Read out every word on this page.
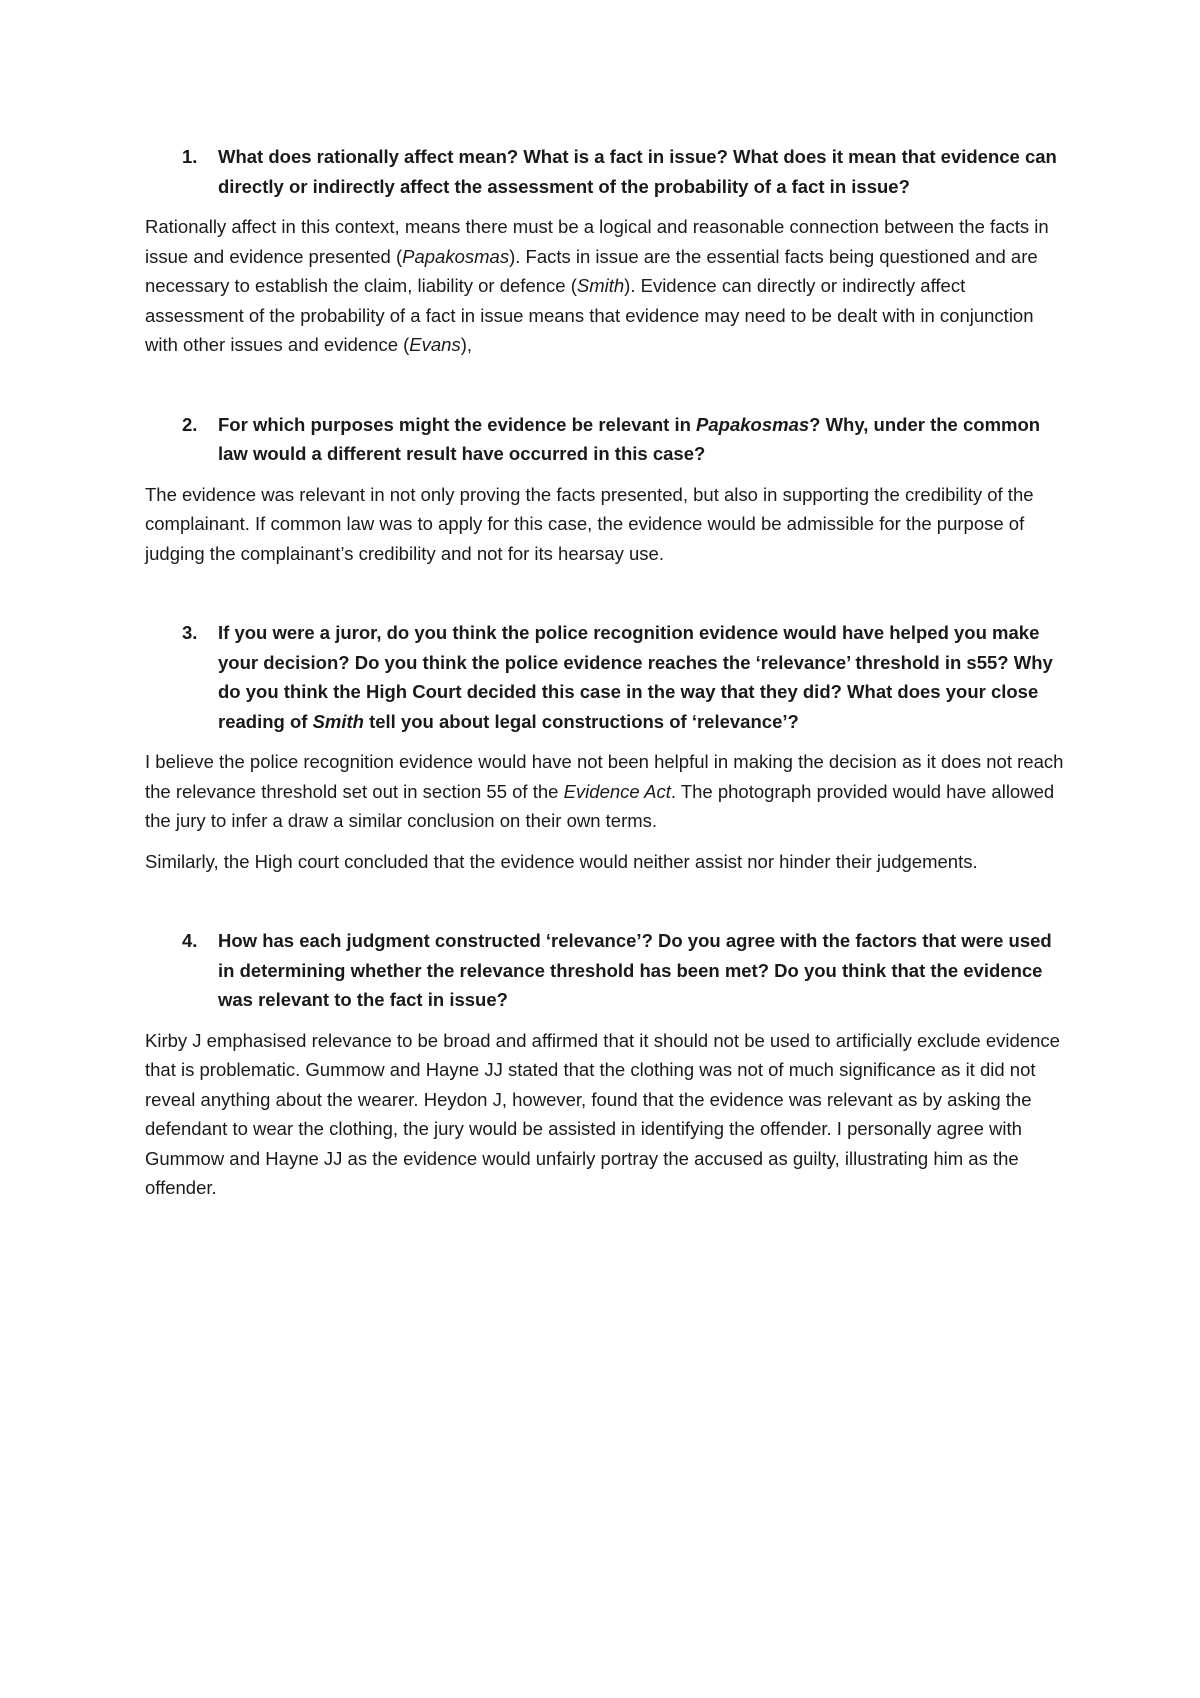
1. What does rationally affect mean? What is a fact in issue? What does it mean that evidence can directly or indirectly affect the assessment of the probability of a fact in issue?

Rationally affect in this context, means there must be a logical and reasonable connection between the facts in issue and evidence presented (Papakosmas). Facts in issue are the essential facts being questioned and are necessary to establish the claim, liability or defence (Smith). Evidence can directly or indirectly affect assessment of the probability of a fact in issue means that evidence may need to be dealt with in conjunction with other issues and evidence (Evans),

2. For which purposes might the evidence be relevant in Papakosmas? Why, under the common law would a different result have occurred in this case?

The evidence was relevant in not only proving the facts presented, but also in supporting the credibility of the complainant. If common law was to apply for this case, the evidence would be admissible for the purpose of judging the complainant’s credibility and not for its hearsay use.

3. If you were a juror, do you think the police recognition evidence would have helped you make your decision? Do you think the police evidence reaches the ‘relevance’ threshold in s55? Why do you think the High Court decided this case in the way that they did? What does your close reading of Smith tell you about legal constructions of ‘relevance’?

I believe the police recognition evidence would have not been helpful in making the decision as it does not reach the relevance threshold set out in section 55 of the Evidence Act. The photograph provided would have allowed the jury to infer a draw a similar conclusion on their own terms.

Similarly, the High court concluded that the evidence would neither assist nor hinder their judgements.

4. How has each judgment constructed ‘relevance’? Do you agree with the factors that were used in determining whether the relevance threshold has been met? Do you think that the evidence was relevant to the fact in issue?

Kirby J emphasised relevance to be broad and affirmed that it should not be used to artificially exclude evidence that is problematic. Gummow and Hayne JJ stated that the clothing was not of much significance as it did not reveal anything about the wearer. Heydon J, however, found that the evidence was relevant as by asking the defendant to wear the clothing, the jury would be assisted in identifying the offender. I personally agree with Gummow and Hayne JJ as the evidence would unfairly portray the accused as guilty, illustrating him as the offender.
